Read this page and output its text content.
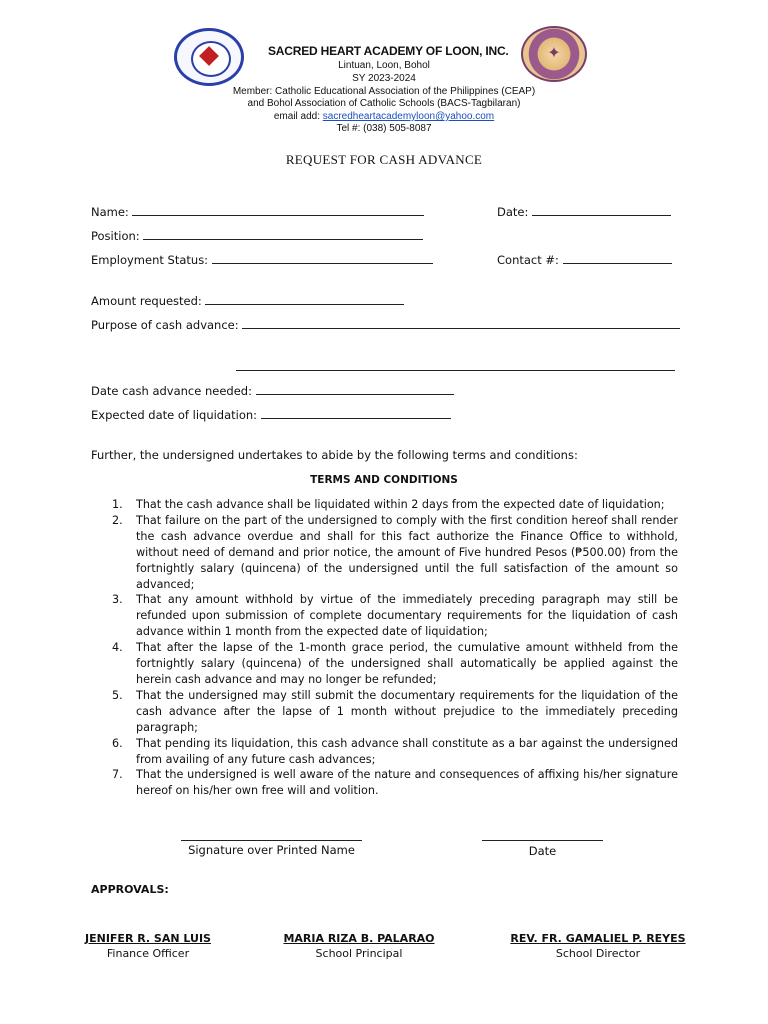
✦
SACRED HEART ACADEMY OF LOON, INC.
Lintuan, Loon, Bohol
SY 2023-2024
Member: Catholic Educational Association of the Philippines (CEAP)
and Bohol Association of Catholic Schools (BACS-Tagbilaran)
email add: sacredheartacademyloon@yahoo.com
Tel #: (038) 505-8087
REQUEST FOR CASH ADVANCE
Name:	Date:
Position:
Employment Status:	Contact #:
Amount requested:
Purpose of cash advance:
Date cash advance needed:
Expected date of liquidation:
Further, the undersigned undertakes to abide by the following terms and conditions:
TERMS AND CONDITIONS
1. That the cash advance shall be liquidated within 2 days from the expected date of liquidation;
2. That failure on the part of the undersigned to comply with the first condition hereof shall render the cash advance overdue and shall for this fact authorize the Finance Office to withhold, without need of demand and prior notice, the amount of Five hundred Pesos (₱500.00) from the fortnightly salary (quincena) of the undersigned until the full satisfaction of the amount so advanced;
3. That any amount withhold by virtue of the immediately preceding paragraph may still be refunded upon submission of complete documentary requirements for the liquidation of cash advance within 1 month from the expected date of liquidation;
4. That after the lapse of the 1-month grace period, the cumulative amount withheld from the fortnightly salary (quincena) of the undersigned shall automatically be applied against the herein cash advance and may no longer be refunded;
5. That the undersigned may still submit the documentary requirements for the liquidation of the cash advance after the lapse of 1 month without prejudice to the immediately preceding paragraph;
6. That pending its liquidation, this cash advance shall constitute as a bar against the undersigned from availing of any future cash advances;
7. That the undersigned is well aware of the nature and consequences of affixing his/her signature hereof on his/her own free will and volition.
Signature over Printed Name	Date
APPROVALS:
JENIFER R. SAN LUIS
Finance Officer
MARIA RIZA B. PALARAO
School Principal
REV. FR. GAMALIEL P. REYES
School Director
